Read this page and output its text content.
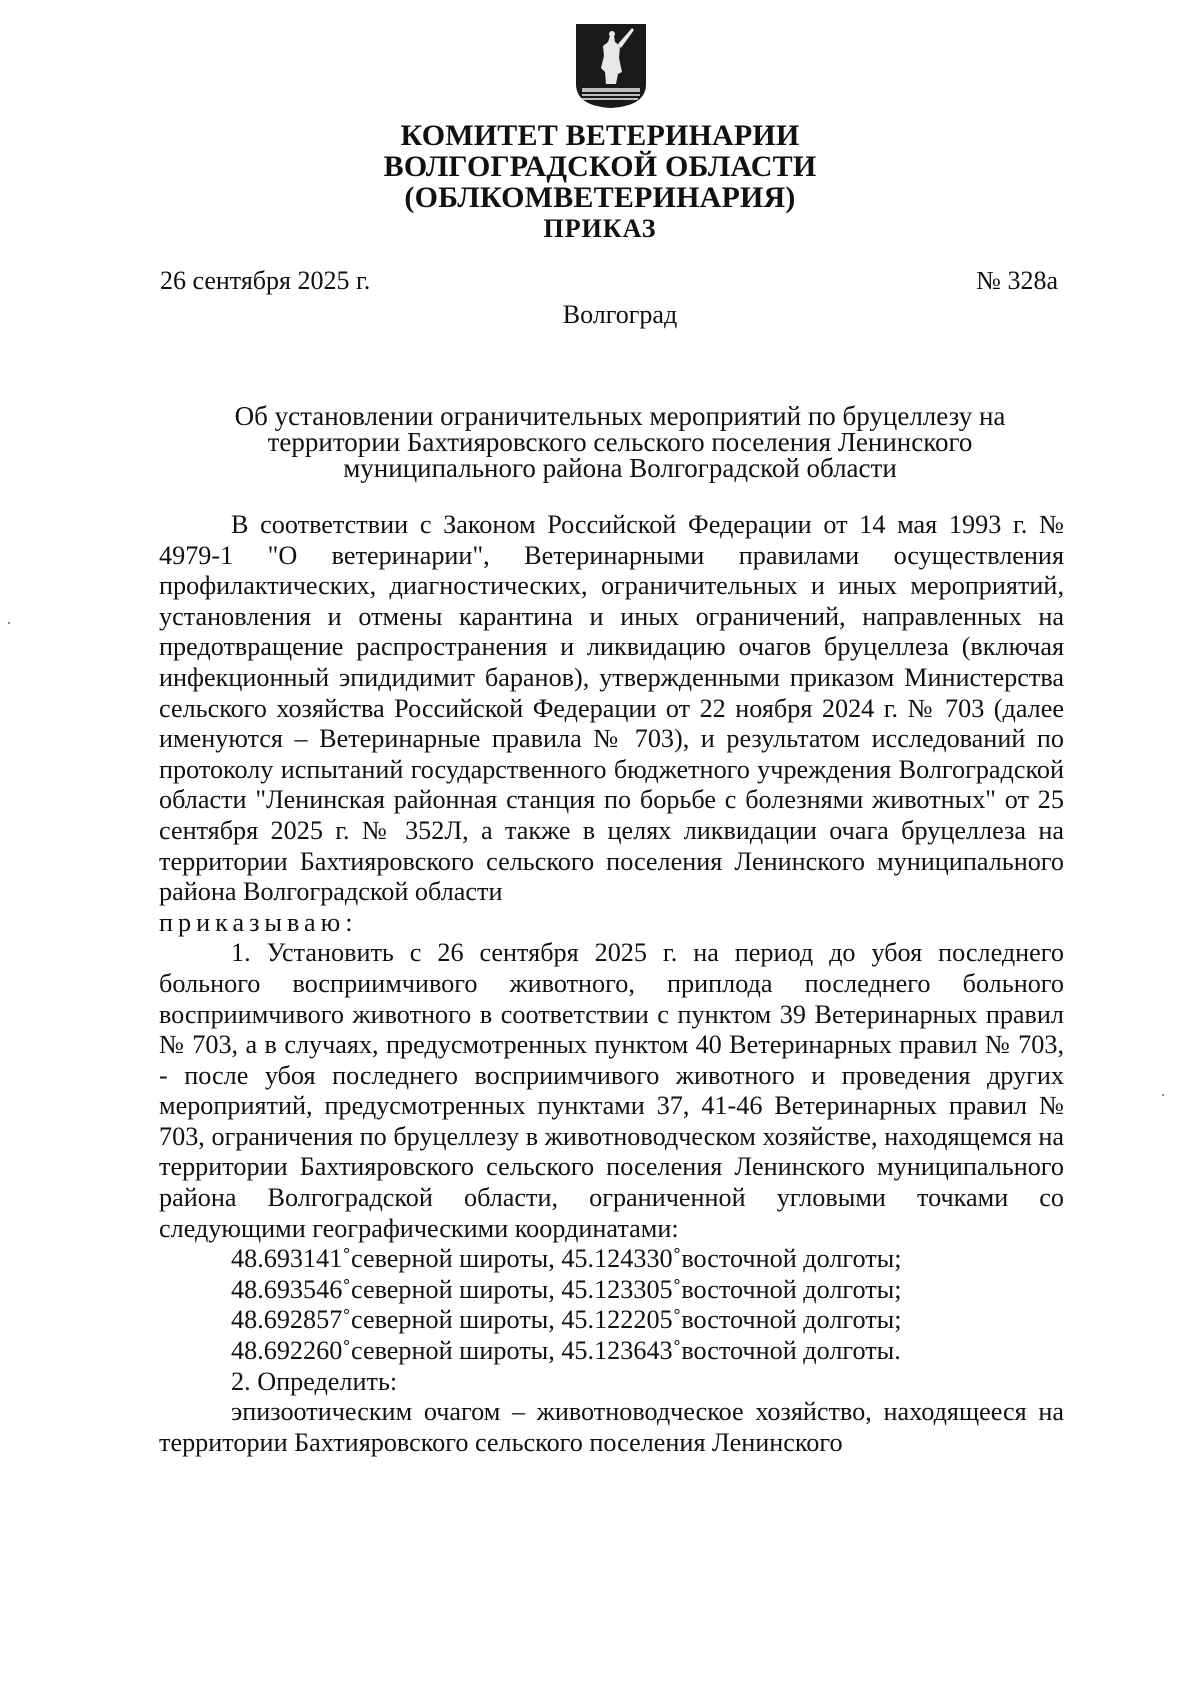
КОМИТЕТ ВЕТЕРИНАРИИ
ВОЛГОГРАДСКОЙ ОБЛАСТИ
(ОБЛКОМВЕТЕРИНАРИЯ)
ПРИКАЗ
26 сентября 2025 г.	№ 328а
Волгоград
Об установлении ограничительных мероприятий по бруцеллезу на
территории Бахтияровского сельского поселения Ленинского
муниципального района Волгоградской области

В соответствии с Законом Российской Федерации от 14 мая 1993 г. № 4979-1 "О ветеринарии", Ветеринарными правилами осуществления профилактических, диагностических, ограничительных и иных мероприятий, установления и отмены карантина и иных ограничений, направленных на предотвращение распространения и ликвидацию очагов бруцеллеза (включая инфекционный эпидидимит баранов), утвержденными приказом Министерства сельского хозяйства Российской Федерации от 22 ноября 2024 г. № 703 (далее именуются – Ветеринарные правила № 703), и результатом исследований по протоколу испытаний государственного бюджетного учреждения Волгоградской области "Ленинская районная станция по борьбе с болезнями животных" от 25 сентября 2025 г. № 352Л, а также в целях ликвидации очага бруцеллеза на территории Бахтияровского сельского поселения Ленинского муниципального района Волгоградской области

приказываю:

1. Установить с 26 сентября 2025 г. на период до убоя последнего больного восприимчивого животного, приплода последнего больного восприимчивого животного в соответствии с пунктом 39 Ветеринарных правил № 703, а в случаях, предусмотренных пунктом 40 Ветеринарных правил № 703, - после убоя последнего восприимчивого животного и проведения других мероприятий, предусмотренных пунктами 37, 41-46 Ветеринарных правил № 703, ограничения по бруцеллезу в животноводческом хозяйстве, находящемся на территории Бахтияровского сельского поселения Ленинского муниципального района Волгоградской области, ограниченной угловыми точками со следующими географическими координатами:

48.693141˚северной широты, 45.124330˚восточной долготы;

48.693546˚северной широты, 45.123305˚восточной долготы;

48.692857˚северной широты, 45.122205˚восточной долготы;

48.692260˚северной широты, 45.123643˚восточной долготы.

2. Определить:

эпизоотическим очагом – животноводческое хозяйство, находящееся на территории Бахтияровского сельского поселения Ленинского
